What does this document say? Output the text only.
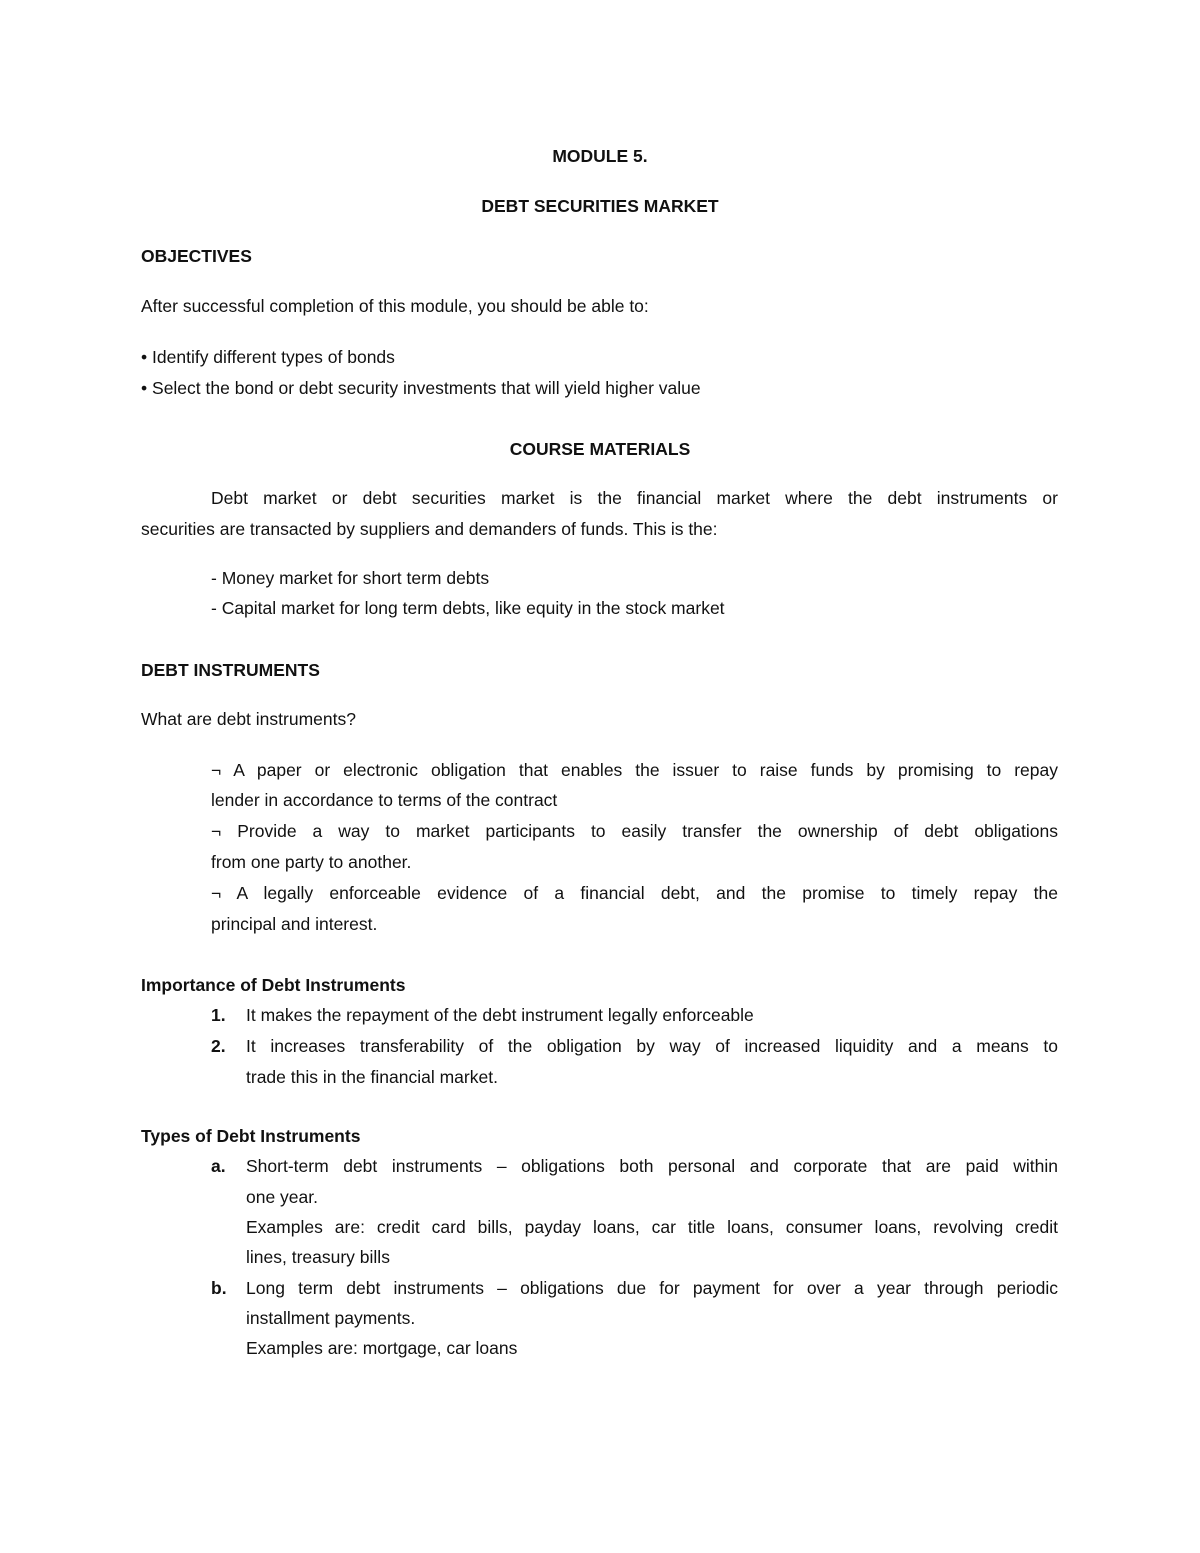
MODULE 5.
DEBT SECURITIES MARKET
OBJECTIVES
After successful completion of this module, you should be able to:
• Identify different types of bonds
• Select the bond or debt security investments that will yield higher value
COURSE MATERIALS
Debt market or debt securities market is the financial market where the debt instruments or
securities are transacted by suppliers and demanders of funds. This is the:
- Money market for short term debts
- Capital market for long term debts, like equity in the stock market
DEBT INSTRUMENTS
What are debt instruments?
¬ A paper or electronic obligation that enables the issuer to raise funds by promising to repay
lender in accordance to terms of the contract
¬ Provide a way to market participants to easily transfer the ownership of debt obligations
from one party to another.
¬ A legally enforceable evidence of a financial debt, and the promise to timely repay the
principal and interest.
Importance of Debt Instruments
1. It makes the repayment of the debt instrument legally enforceable
2. It increases transferability of the obligation by way of increased liquidity and a means to
trade this in the financial market.
Types of Debt Instruments
a. Short-term debt instruments – obligations both personal and corporate that are paid within
one year.
Examples are: credit card bills, payday loans, car title loans, consumer loans, revolving credit
lines, treasury bills
b. Long term debt instruments – obligations due for payment for over a year through periodic
installment payments.
Examples are: mortgage, car loans
